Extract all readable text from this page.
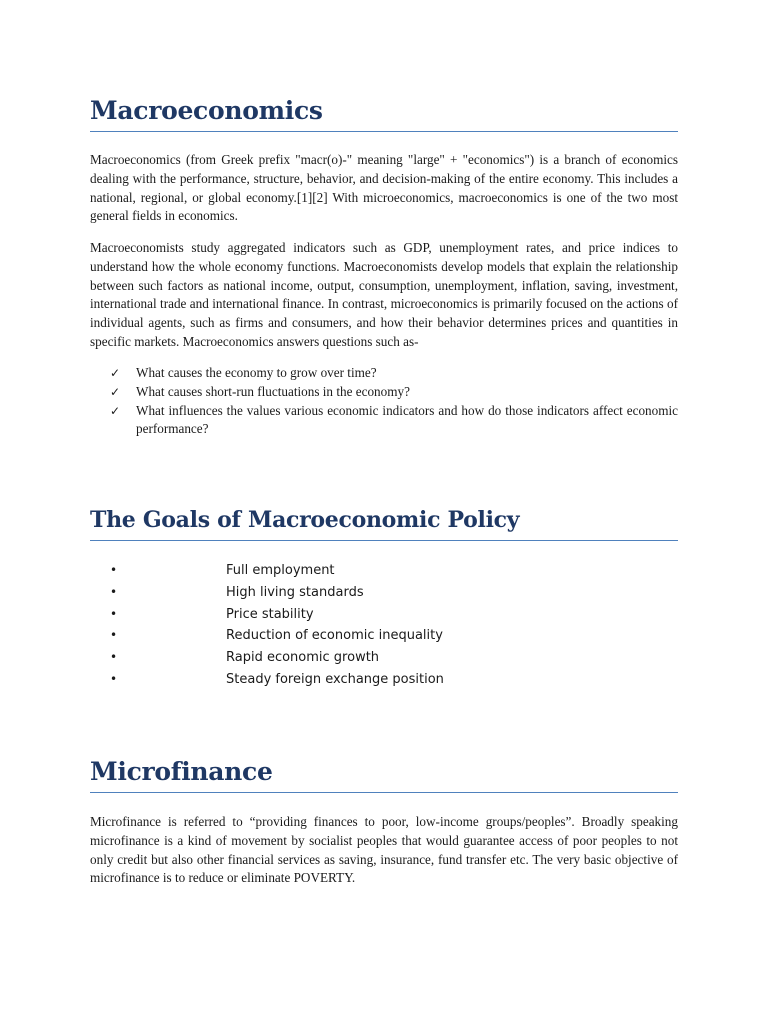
Macroeconomics

Macroeconomics (from Greek prefix "macr(o)-" meaning "large" + "economics") is a branch of economics dealing with the performance, structure, behavior, and decision-making of the entire economy. This includes a national, regional, or global economy.[1][2] With microeconomics, macroeconomics is one of the two most general fields in economics.

Macroeconomists study aggregated indicators such as GDP, unemployment rates, and price indices to understand how the whole economy functions. Macroeconomists develop models that explain the relationship between such factors as national income, output, consumption, unemployment, inflation, saving, investment, international trade and international finance. In contrast, microeconomics is primarily focused on the actions of individual agents, such as firms and consumers, and how their behavior determines prices and quantities in specific markets. Macroeconomics answers questions such as-

✓ What causes the economy to grow over time?
✓ What causes short-run fluctuations in the economy?
✓ What influences the values various economic indicators and how do those indicators affect economic performance?
The Goals of Macroeconomic Policy
•	Full employment
•	High living standards
•	Price stability
•	Reduction of economic inequality
•	Rapid economic growth
•	Steady foreign exchange position
Microfinance

Microfinance is referred to “providing finances to poor, low-income groups/peoples”. Broadly speaking microfinance is a kind of movement by socialist peoples that would guarantee access of poor peoples to not only credit but also other financial services as saving, insurance, fund transfer etc. The very basic objective of microfinance is to reduce or eliminate POVERTY.
